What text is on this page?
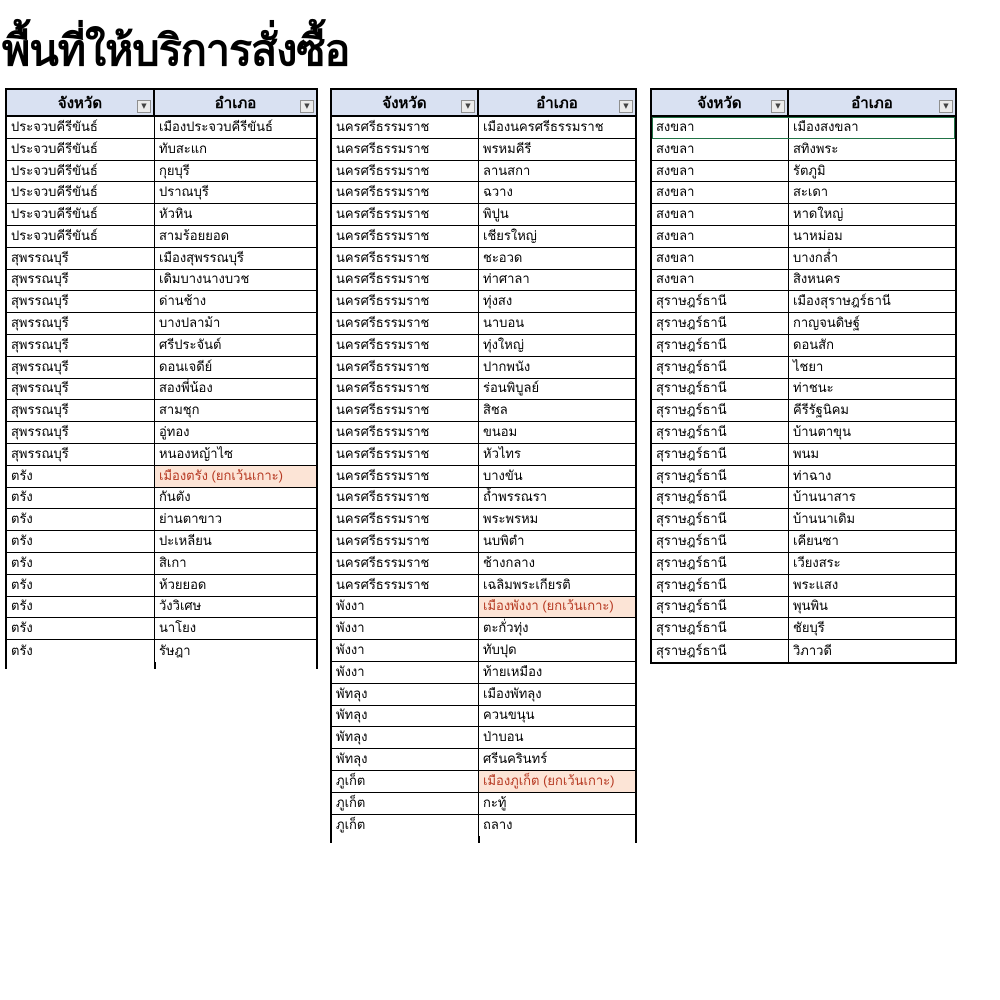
พื้นที่ให้บริการสั่งซื้อ
จังหวัด	▼	อำเภอ	▼
ประจวบคีรีขันธ์	เมืองประจวบคีรีขันธ์
ประจวบคีรีขันธ์	ทับสะแก
ประจวบคีรีขันธ์	กุยบุรี
ประจวบคีรีขันธ์	ปราณบุรี
ประจวบคีรีขันธ์	หัวหิน
ประจวบคีรีขันธ์	สามร้อยยอด
สุพรรณบุรี	เมืองสุพรรณบุรี
สุพรรณบุรี	เดิมบางนางบวช
สุพรรณบุรี	ด่านช้าง
สุพรรณบุรี	บางปลาม้า
สุพรรณบุรี	ศรีประจันต์
สุพรรณบุรี	ดอนเจดีย์
สุพรรณบุรี	สองพี่น้อง
สุพรรณบุรี	สามชุก
สุพรรณบุรี	อู่ทอง
สุพรรณบุรี	หนองหญ้าไซ
ตรัง	เมืองตรัง (ยกเว้นเกาะ)
ตรัง	กันตัง
ตรัง	ย่านตาขาว
ตรัง	ปะเหลียน
ตรัง	สิเกา
ตรัง	ห้วยยอด
ตรัง	วังวิเศษ
ตรัง	นาโยง
ตรัง	รัษฎา
จังหวัด	▼	อำเภอ	▼
นครศรีธรรมราช	เมืองนครศรีธรรมราช
นครศรีธรรมราช	พรหมคีรี
นครศรีธรรมราช	ลานสกา
นครศรีธรรมราช	ฉวาง
นครศรีธรรมราช	พิปูน
นครศรีธรรมราช	เชียรใหญ่
นครศรีธรรมราช	ชะอวด
นครศรีธรรมราช	ท่าศาลา
นครศรีธรรมราช	ทุ่งสง
นครศรีธรรมราช	นาบอน
นครศรีธรรมราช	ทุ่งใหญ่
นครศรีธรรมราช	ปากพนัง
นครศรีธรรมราช	ร่อนพิบูลย์
นครศรีธรรมราช	สิชล
นครศรีธรรมราช	ขนอม
นครศรีธรรมราช	หัวไทร
นครศรีธรรมราช	บางขัน
นครศรีธรรมราช	ถ้ำพรรณรา
นครศรีธรรมราช	พระพรหม
นครศรีธรรมราช	นบพิตำ
นครศรีธรรมราช	ช้างกลาง
นครศรีธรรมราช	เฉลิมพระเกียรติ
พังงา	เมืองพังงา (ยกเว้นเกาะ)
พังงา	ตะกั่วทุ่ง
พังงา	ทับปุด
พังงา	ท้ายเหมือง
พัทลุง	เมืองพัทลุง
พัทลุง	ควนขนุน
พัทลุง	ป่าบอน
พัทลุง	ศรีนครินทร์
ภูเก็ต	เมืองภูเก็ต (ยกเว้นเกาะ)
ภูเก็ต	กะทู้
ภูเก็ต	ถลาง
จังหวัด	▼	อำเภอ	▼
สงขลา	เมืองสงขลา
สงขลา	สทิงพระ
สงขลา	รัตภูมิ
สงขลา	สะเดา
สงขลา	หาดใหญ่
สงขลา	นาหม่อม
สงขลา	บางกล่ำ
สงขลา	สิงหนคร
สุราษฎร์ธานี	เมืองสุราษฎร์ธานี
สุราษฎร์ธานี	กาญจนดิษฐ์
สุราษฎร์ธานี	ดอนสัก
สุราษฎร์ธานี	ไชยา
สุราษฎร์ธานี	ท่าชนะ
สุราษฎร์ธานี	คีรีรัฐนิคม
สุราษฎร์ธานี	บ้านตาขุน
สุราษฎร์ธานี	พนม
สุราษฎร์ธานี	ท่าฉาง
สุราษฎร์ธานี	บ้านนาสาร
สุราษฎร์ธานี	บ้านนาเดิม
สุราษฎร์ธานี	เคียนซา
สุราษฎร์ธานี	เวียงสระ
สุราษฎร์ธานี	พระแสง
สุราษฎร์ธานี	พุนพิน
สุราษฎร์ธานี	ชัยบุรี
สุราษฎร์ธานี	วิภาวดี
